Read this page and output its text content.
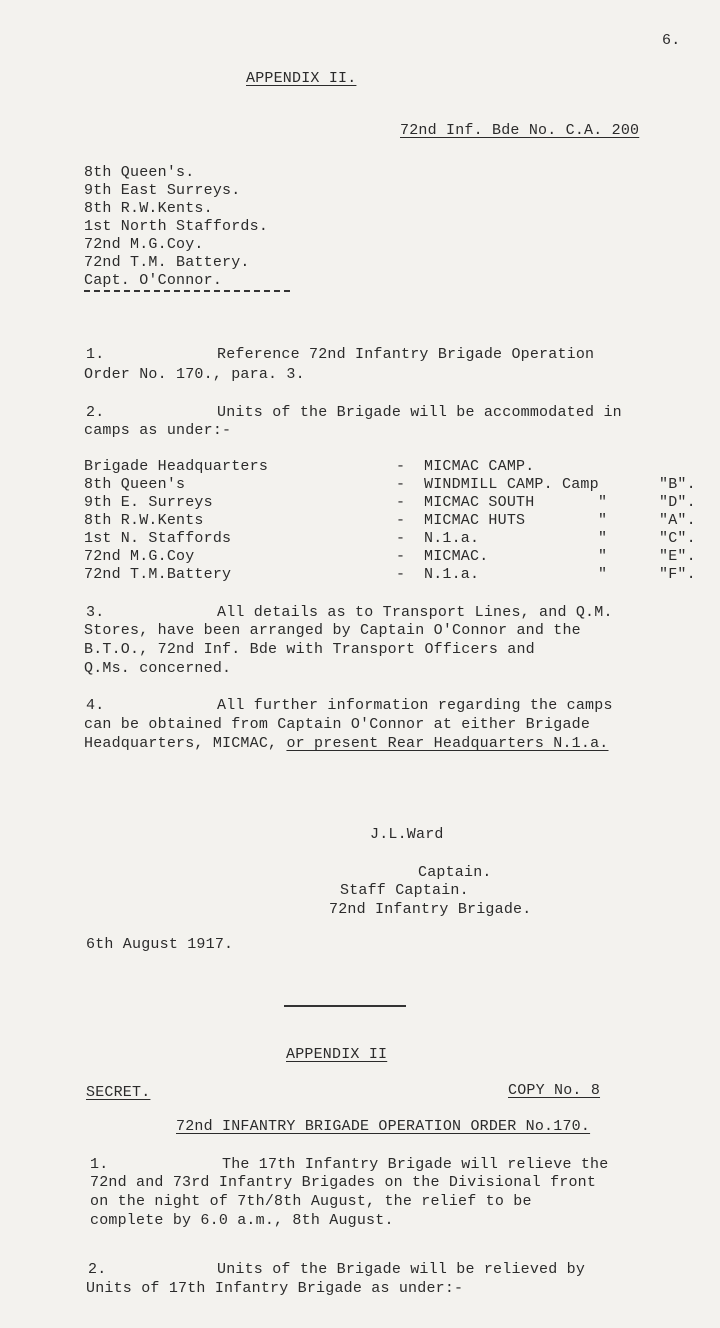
6.
APPENDIX II.
72nd Inf. Bde No. C.A. 200
8th Queen's.
9th East Surreys.
8th R.W.Kents.
1st North Staffords.
72nd M.G.Coy.
72nd T.M. Battery.
Capt. O'Connor.
1.	Reference 72nd Infantry Brigade Operation
Order No. 170., para. 3.
2.	Units of the Brigade will be accommodated in
camps as under:-
Brigade Headquarters	- MICMAC CAMP.
8th Queen's	- WINDMILL CAMP. Camp	"B".
9th E. Surreys	- MICMAC SOUTH	"	"D".
8th R.W.Kents	- MICMAC HUTS	"	"A".
1st N. Staffords	- N.1.a.	"	"C".
72nd M.G.Coy	- MICMAC.	"	"E".
72nd T.M.Battery	- N.1.a.	"	"F".
3.	All details as to Transport Lines, and Q.M.
Stores, have been arranged by Captain O'Connor and the
B.T.O., 72nd Inf. Bde with Transport Officers and
Q.Ms. concerned.
4.	All further information regarding the camps
can be obtained from Captain O'Connor at either Brigade
Headquarters, MICMAC, or present Rear Headquarters N.1.a.
J.L.Ward
Captain.
Staff Captain.
72nd Infantry Brigade.
6th August 1917.
APPENDIX II
SECRET.	COPY No. 8
72nd INFANTRY BRIGADE OPERATION ORDER No.170.
1.	The 17th Infantry Brigade will relieve the
72nd and 73rd Infantry Brigades on the Divisional front
on the night of 7th/8th August, the relief to be
complete by 6.0 a.m., 8th August.
2.	Units of the Brigade will be relieved by
Units of 17th Infantry Brigade as under:-
